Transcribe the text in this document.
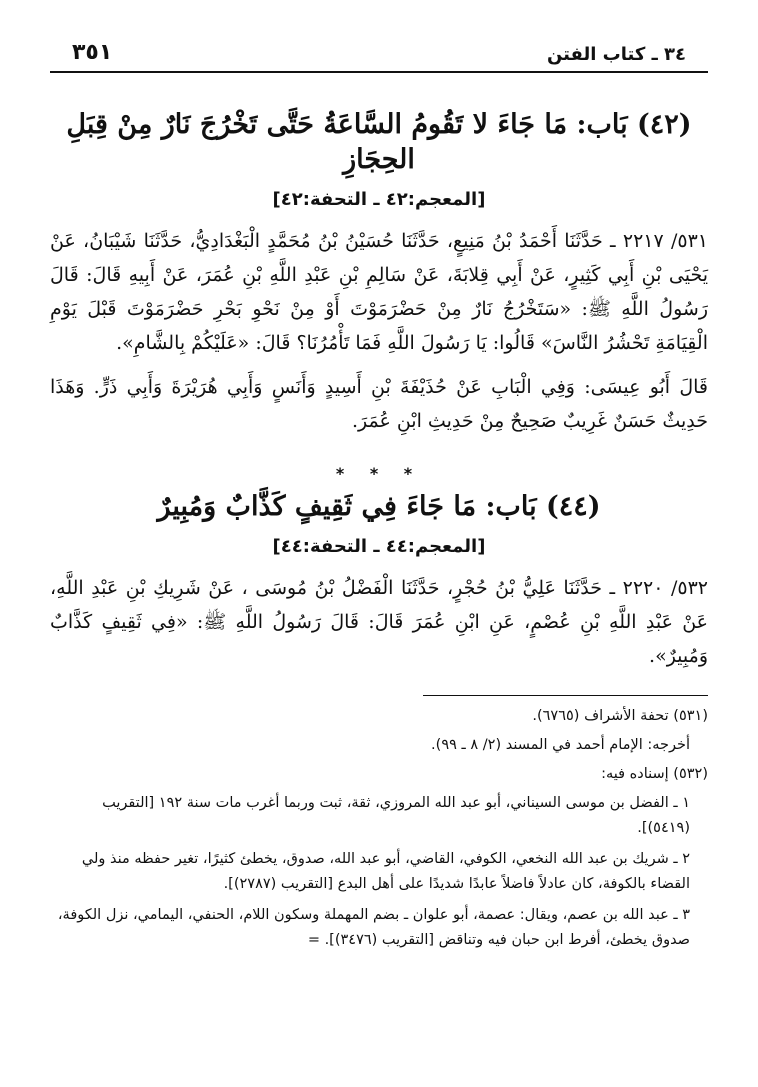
٣٤ ـ كتاب الفتن
٣٥١
(٤٢) بَاب: مَا جَاءَ لا تَقُومُ السَّاعَةُ حَتَّى تَخْرُجَ نَارٌ مِنْ قِبَلِ الحِجَازِ
[المعجم:٤٢ ـ التحفة:٤٢]

٥٣١/ ٢٢١٧ ـ حَدَّثَنَا أَحْمَدُ بْنُ مَنِيعٍ، حَدَّثَنَا حُسَيْنُ بْنُ مُحَمَّدٍ الْبَغْدَادِيُّ، حَدَّثَنَا شَيْبَانُ، عَنْ يَحْيَى بْنِ أَبِي كَثِيرٍ، عَنْ أَبِي قِلابَةَ، عَنْ سَالِمِ بْنِ عَبْدِ اللَّهِ بْنِ عُمَرَ، عَنْ أَبِيهِ قَالَ: قَالَ رَسُولُ اللَّهِ ﷺ: «سَتَخْرُجُ نَارٌ مِنْ حَضْرَمَوْتَ أَوْ مِنْ نَحْوِ بَحْرِ حَضْرَمَوْتَ قَبْلَ يَوْمِ الْقِيَامَةِ تَحْشُرُ النَّاسَ» قَالُوا: يَا رَسُولَ اللَّهِ فَمَا تَأْمُرُنَا؟ قَالَ: «عَلَيْكُمْ بِالشَّامِ».

قَالَ أَبُو عِيسَى: وَفِي الْبَابِ عَنْ حُذَيْفَةَ بْنِ أَسِيدٍ وَأَنَسٍ وَأَبِي هُرَيْرَةَ وَأَبِي ذَرٍّ. وَهَذَا حَدِيثٌ حَسَنٌ غَرِيبٌ صَحِيحٌ مِنْ حَدِيثِ ابْنِ عُمَرَ.

* * *
(٤٤) بَاب: مَا جَاءَ فِي ثَقِيفٍ كَذَّابٌ وَمُبِيرٌ
[المعجم:٤٤ ـ التحفة:٤٤]

٥٣٢/ ٢٢٢٠ ـ حَدَّثَنَا عَلِيُّ بْنُ حُجْرٍ، حَدَّثَنَا الْفَضْلُ بْنُ مُوسَى ، عَنْ شَرِيكِ بْنِ عَبْدِ اللَّهِ، عَنْ عَبْدِ اللَّهِ بْنِ عُصْمٍ، عَنِ ابْنِ عُمَرَ قَالَ: قَالَ رَسُولُ اللَّهِ ﷺ: «فِي ثَقِيفٍ كَذَّابٌ وَمُبِيرٌ».

(٥٣١) تحفة الأشراف (٦٧٦٥).
أخرجه: الإمام أحمد في المسند (٢/ ٨ ـ ٩٩).
(٥٣٢) إسناده فيه:
١ ـ الفضل بن موسى السيناني، أبو عبد الله المروزي، ثقة، ثبت وربما أغرب مات سنة ١٩٢ [التقريب (٥٤١٩)].
٢ ـ شريك بن عبد الله النخعي، الكوفي، القاضي، أبو عبد الله، صدوق، يخطئ كثيرًا، تغير حفظه منذ ولي القضاء بالكوفة، كان عادلاً فاضلاً عابدًا شديدًا على أهل البدع [التقريب (٢٧٨٧)].
٣ ـ عبد الله بن عصم، ويقال: عصمة، أبو علوان ـ بضم المهملة وسكون اللام، الحنفي، اليمامي، نزل الكوفة، صدوق يخطئ، أفرط ابن حبان فيه وتناقض [التقريب (٣٤٧٦)]. =
